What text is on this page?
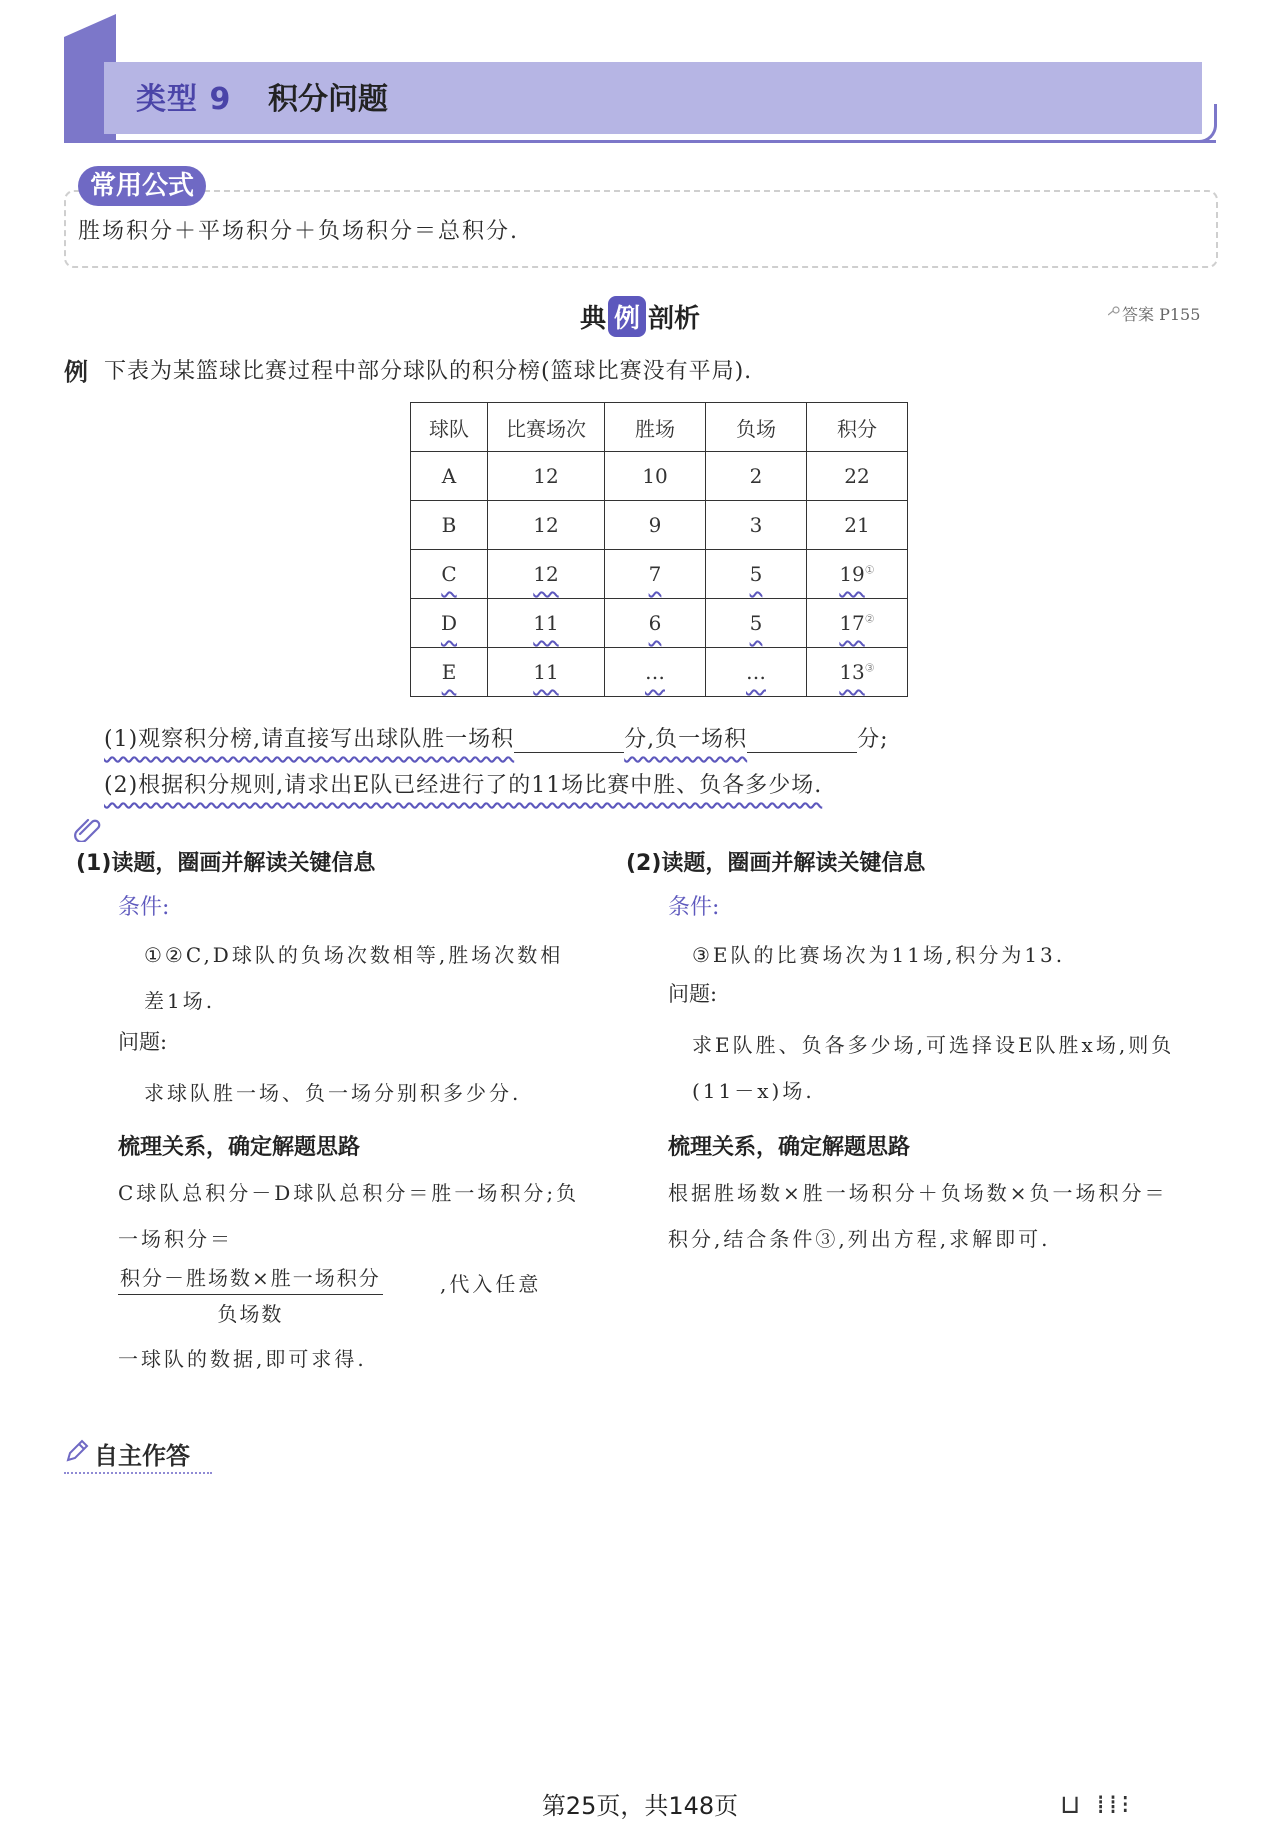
类型 9 积分问题
常用公式
胜场积分＋平场积分＋负场积分＝总积分.
典 例 剖析	答案 P155
例 下表为某篮球比赛过程中部分球队的积分榜(篮球比赛没有平局).
球队	比赛场次	胜场	负场	积分
A	12	10	2	22
B	12	9	3	21
C	12	7	5	19①
D	11	6	5	17②
E	11	…	…	13③
(1)观察积分榜,请直接写出球队胜一场积	分,负一场积	分;
(2)根据积分规则,请求出E队已经进行了的11场比赛中胜、负各多少场.
(1)读题，圈画并解读关键信息
条件:
①②C,D球队的负场次数相等,胜场次数相差1场.
问题:
求球队胜一场、负一场分别积多少分.
梳理关系，确定解题思路
C球队总积分－D球队总积分＝胜一场积分;负一场积分＝
积分－胜场数×胜一场积分
负场数
,代入任意
一球队的数据,即可求得.
(2)读题，圈画并解读关键信息
条件:
③E队的比赛场次为11场,积分为13.
问题:
求E队胜、负各多少场,可选择设E队胜x场,则负(11－x)场.
梳理关系，确定解题思路
根据胜场数×胜一场积分＋负场数×负一场积分＝积分,结合条件③,列出方程,求解即可.
自主作答
第25页，共148页	⊔ ⁞⁞⁝
